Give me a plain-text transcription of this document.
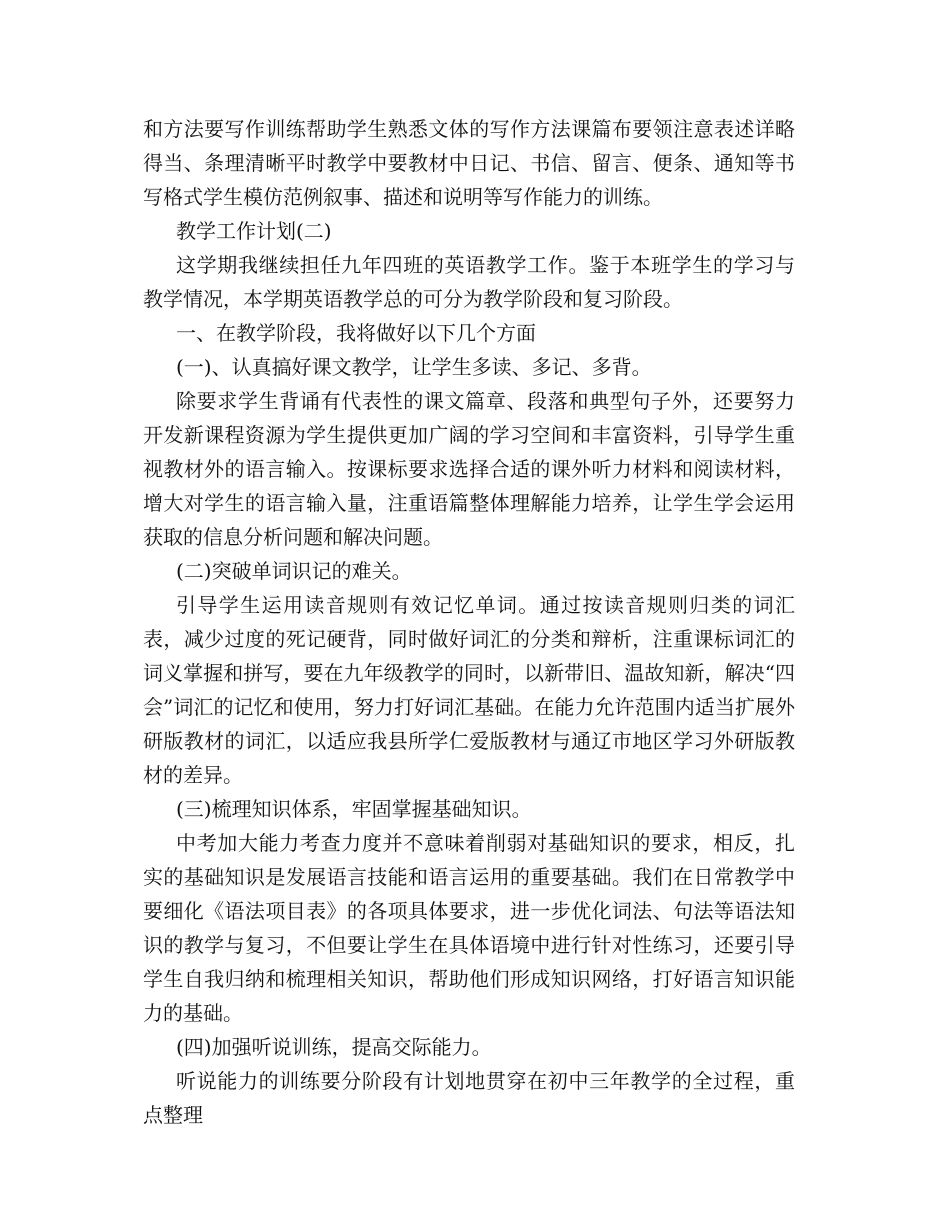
和方法要写作训练帮助学生熟悉文体的写作方法课篇布要领注意表述详略得当、条理清晰平时教学中要教材中日记、书信、留言、便条、通知等书写格式学生模仿范例叙事、描述和说明等写作能力的训练。

教学工作计划(二)

这学期我继续担任九年四班的英语教学工作。鉴于本班学生的学习与教学情况，本学期英语教学总的可分为教学阶段和复习阶段。

一、在教学阶段，我将做好以下几个方面

(一)、认真搞好课文教学，让学生多读、多记、多背。

除要求学生背诵有代表性的课文篇章、段落和典型句子外，还要努力开发新课程资源为学生提供更加广阔的学习空间和丰富资料，引导学生重视教材外的语言输入。按课标要求选择合适的课外听力材料和阅读材料，增大对学生的语言输入量，注重语篇整体理解能力培养，让学生学会运用获取的信息分析问题和解决问题。

(二)突破单词识记的难关。

引导学生运用读音规则有效记忆单词。通过按读音规则归类的词汇表，减少过度的死记硬背，同时做好词汇的分类和辩析，注重课标词汇的词义掌握和拼写，要在九年级教学的同时，以新带旧、温故知新，解决“四会”词汇的记忆和使用，努力打好词汇基础。在能力允许范围内适当扩展外研版教材的词汇，以适应我县所学仁爱版教材与通辽市地区学习外研版教材的差异。

(三)梳理知识体系，牢固掌握基础知识。

中考加大能力考查力度并不意味着削弱对基础知识的要求，相反，扎实的基础知识是发展语言技能和语言运用的重要基础。我们在日常教学中要细化《语法项目表》的各项具体要求，进一步优化词法、句法等语法知识的教学与复习，不但要让学生在具体语境中进行针对性练习，还要引导学生自我归纳和梳理相关知识，帮助他们形成知识网络，打好语言知识能力的基础。

(四)加强听说训练，提高交际能力。

听说能力的训练要分阶段有计划地贯穿在初中三年教学的全过程，重点整理
